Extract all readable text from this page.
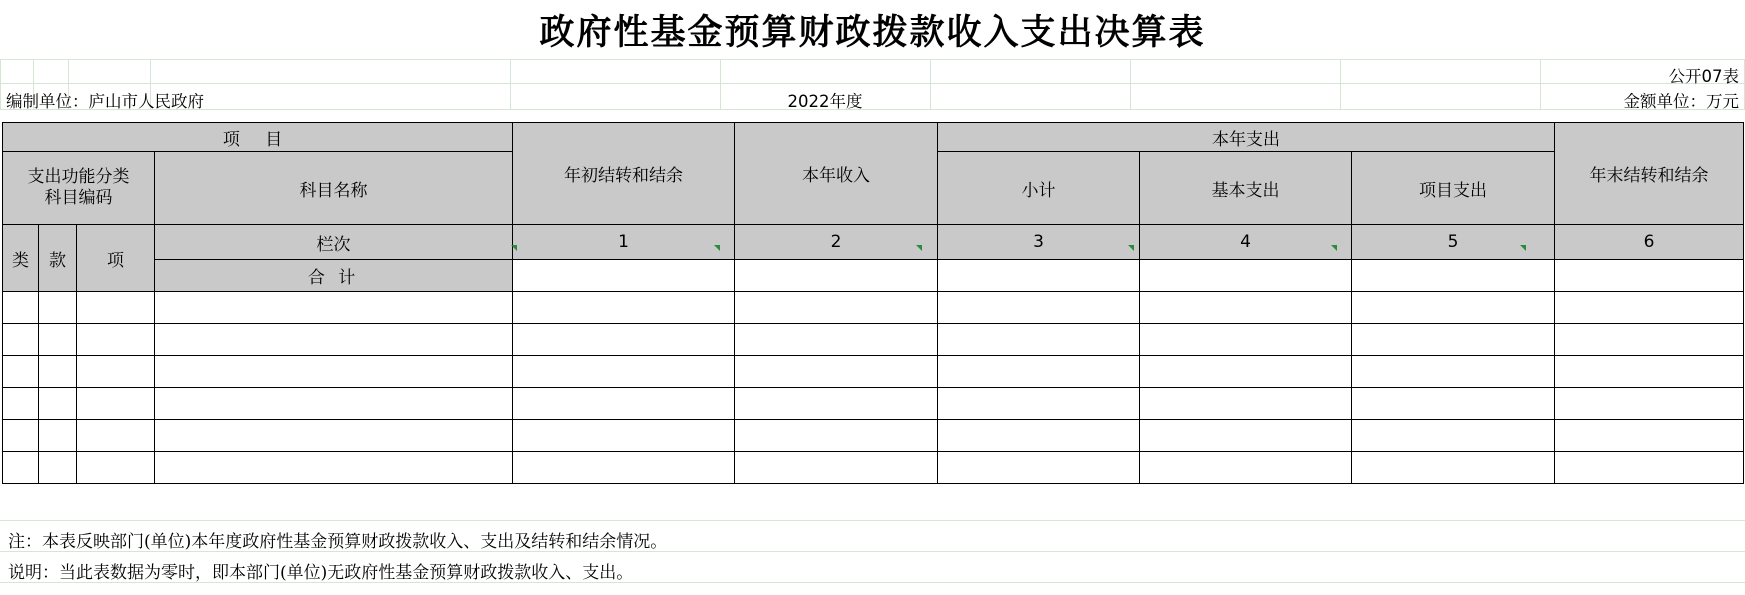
政府性基金预算财政拨款收入支出决算表
公开07表
编制单位：庐山市人民政府	2022年度	金额单位：万元
项 目				年初结转和结余	本年收入	本年支出			年末结转和结余

支出功能分类
科目编码			科目名称			小计	基本支出	项目支出	
类	款	项	栏次	1	2	3	4	5	6
			合 计						

注：本表反映部门(单位)本年度政府性基金预算财政拨款收入、支出及结转和结余情况。
说明：当此表数据为零时，即本部门(单位)无政府性基金预算财政拨款收入、支出。
